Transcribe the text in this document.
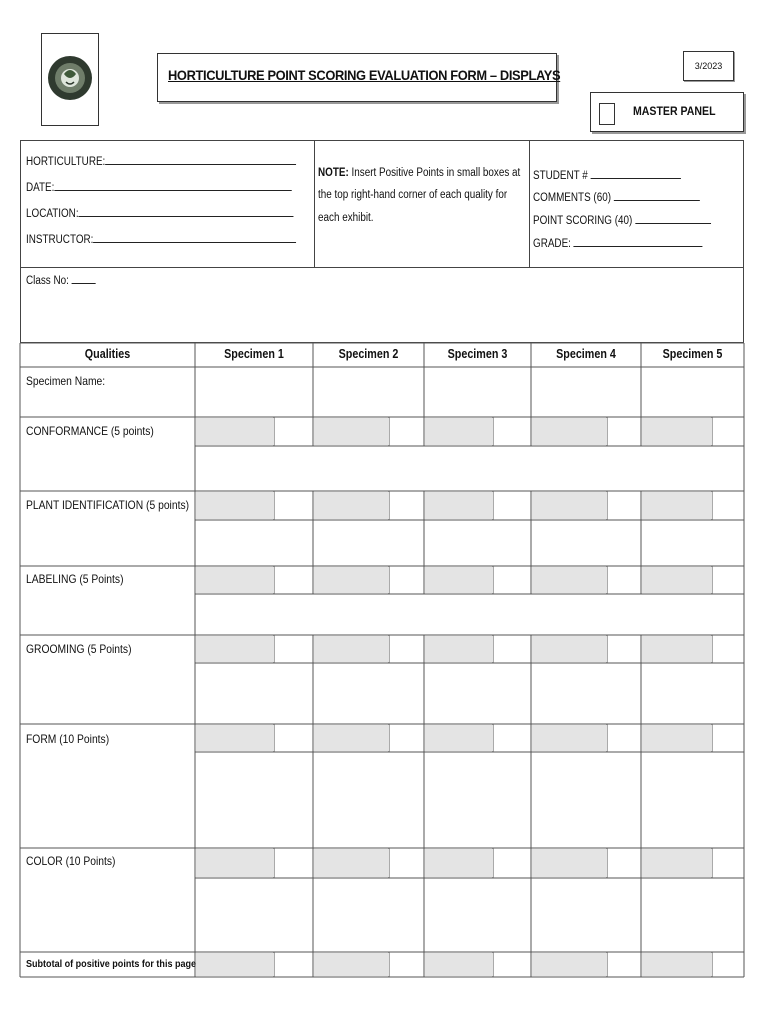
HORTICULTURE POINT SCORING EVALUATION FORM – DISPLAYS
3/2023
MASTER PANEL
HORTICULTURE:
DATE:
LOCATION:
INSTRUCTOR:
NOTE: Insert Positive Points in small boxes at
the top right-hand corner of each quality for
each exhibit.
STUDENT #
COMMENTS (60)
POINT SCORING (40)
GRADE:
Class No:
Qualities	Specimen 1	Specimen 2	Specimen 3	Specimen 4	Specimen 5
Specimen Name:
CONFORMANCE (5 points)
PLANT IDENTIFICATION (5 points)
LABELING (5 Points)
GROOMING (5 Points)
FORM (10 Points)
COLOR (10 Points)
Subtotal of positive points for this page
